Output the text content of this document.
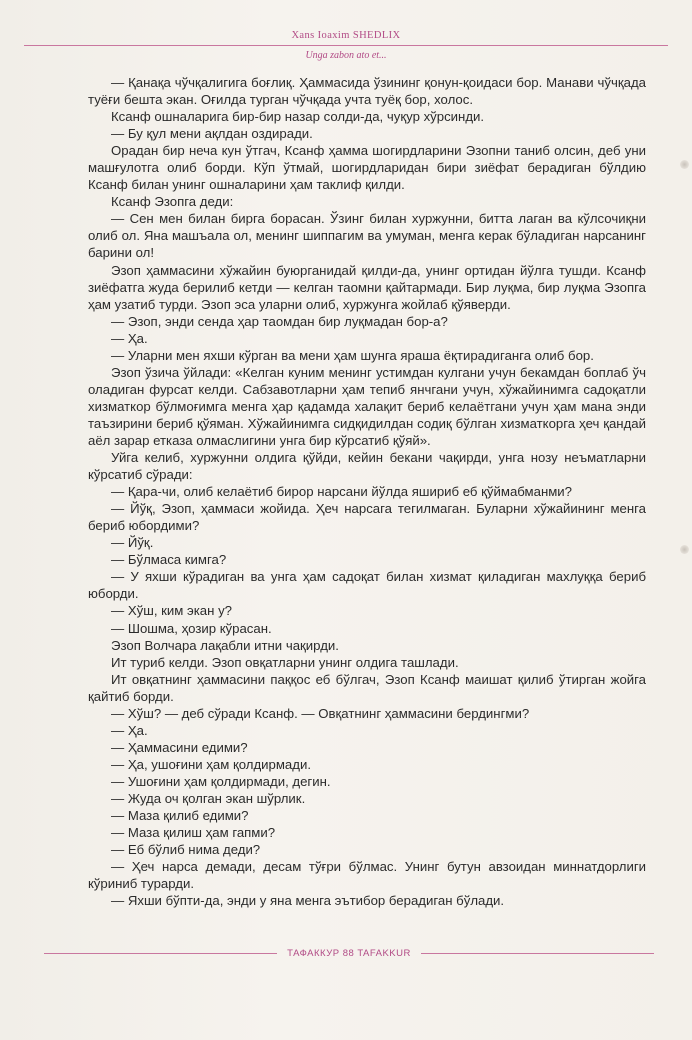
Xans Ioaxim SHEDLIX
Unga zabon ato et...

— Қанақа чўчқалигига боғлиқ. Ҳаммасида ўзининг қонун-қоидаси бор. Манави чўчқада туёғи бешта экан. Оғилда турган чўчқада учта туёқ бор, холос.

Ксанф ошналарига бир-бир назар солди-да, чуқур хўрсинди.

— Бу қул мени ақлдан оздиради.

Орадан бир неча кун ўтгач, Ксанф ҳамма шогирдларини Эзопни таниб олсин, деб уни машғулотга олиб борди. Кўп ўтмай, шогирдларидан бири зиёфат берадиган бўлдию Ксанф билан унинг ошналарини ҳам таклиф қилди.

Ксанф Эзопга деди:

— Сен мен билан бирга борасан. Ўзинг билан хуржунни, битта лаган ва кўлсочиқни олиб ол. Яна машъала ол, менинг шиппагим ва умуман, менга керак бўладиган нарсанинг барини ол!

Эзоп ҳаммасини хўжайин буюрганидай қилди-да, унинг ортидан йўлга тушди. Ксанф зиёфатга жуда берилиб кетди — келган таомни қайтармади. Бир луқма, бир луқма Эзопга ҳам узатиб турди. Эзоп эса уларни олиб, хуржунга жойлаб қўяверди.

— Эзоп, энди сенда ҳар таомдан бир луқмадан бор-а?

— Ҳа.

— Уларни мен яхши кўрган ва мени ҳам шунга яраша ёқтирадиганга олиб бор.

Эзоп ўзича ўйлади: «Келган куним менинг устимдан кулгани учун бекамдан боплаб ўч оладиган фурсат келди. Сабзавотларни ҳам тепиб янчгани учун, хўжайинимга садоқатли хизматкор бўлмоғимга менга ҳар қадамда халақит бериб келаётгани учун ҳам мана энди таъзирини бериб қўяман. Хўжайинимга сидқидилдан содиқ бўлган хизматкорга ҳеч қандай аёл зарар етказа олмаслигини унга бир кўрсатиб қўяй».

Уйга келиб, хуржунни олдига қўйди, кейин бекани чақирди, унга нозу неъматларни кўрсатиб сўради:

— Қара-чи, олиб келаётиб бирор нарсани йўлда яшириб еб қўймабманми?

— Йўқ, Эзоп, ҳаммаси жойида. Ҳеч нарсага тегилмаган. Буларни хўжайининг менга бериб юбордими?

— Йўқ.

— Бўлмаса кимга?

— У яхши кўрадиган ва унга ҳам садоқат билан хизмат қиладиган махлуққа бериб юборди.

— Хўш, ким экан у?

— Шошма, ҳозир кўрасан.

Эзоп Волчара лақабли итни чақирди.

Ит туриб келди. Эзоп овқатларни унинг олдига ташлади.

Ит овқатнинг ҳаммасини паққос еб бўлгач, Эзоп Ксанф маишат қилиб ўтирган жойга қайтиб борди.

— Хўш? — деб сўради Ксанф. — Овқатнинг ҳаммасини бердингми?

— Ҳа.

— Ҳаммасини едими?

— Ҳа, ушоғини ҳам қолдирмади.

— Ушоғини ҳам қолдирмади, дегин.

— Жуда оч қолган экан шўрлик.

— Маза қилиб едими?

— Маза қилиш ҳам гапми?

— Еб бўлиб нима деди?

— Ҳеч нарса демади, десам тўғри бўлмас. Унинг бутун авзоидан миннатдорлиги кўриниб турарди.

— Яхши бўпти-да, энди у яна менга эътибор берадиган бўлади.

ТАФАККУР 88 TAFAKKUR
